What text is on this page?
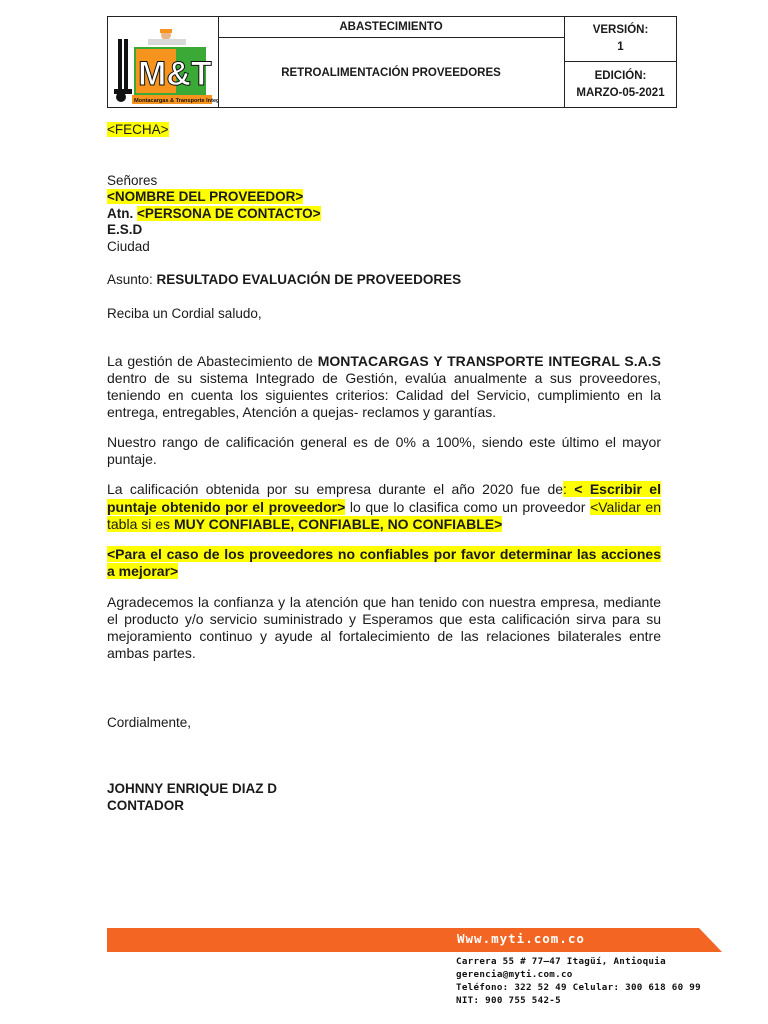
M&T
Montacargas & Transporte Integral
ABASTECIMIENTO
RETROALIMENTACIÓN PROVEEDORES
VERSIÓN:
1
EDICIÓN:
MARZO-05-2021

<FECHA>

Señores

<NOMBRE DEL PROVEEDOR>

Atn. <PERSONA DE CONTACTO>

E.S.D

Ciudad

Asunto: RESULTADO EVALUACIÓN DE PROVEEDORES

Reciba un Cordial saludo,

La gestión de Abastecimiento de MONTACARGAS Y TRANSPORTE INTEGRAL S.A.S dentro de su sistema Integrado de Gestión, evalúa anualmente a sus proveedores, teniendo en cuenta los siguientes criterios: Calidad del Servicio, cumplimiento en la entrega, entregables, Atención a quejas- reclamos y garantías.

Nuestro rango de calificación general es de 0% a 100%, siendo este último el mayor puntaje.

La calificación obtenida por su empresa durante el año 2020 fue de: < Escribir el puntaje obtenido por el proveedor> lo que lo clasifica como un proveedor <Validar en tabla si es MUY CONFIABLE, CONFIABLE, NO CONFIABLE>

<Para el caso de los proveedores no confiables por favor determinar las acciones a mejorar>

Agradecemos la confianza y la atención que han tenido con nuestra empresa, mediante el producto y/o servicio suministrado y Esperamos que esta calificación sirva para su mejoramiento continuo y ayude al fortalecimiento de las relaciones bilaterales entre ambas partes.

Cordialmente,

JOHNNY ENRIQUE DIAZ D

CONTADOR

Www.myti.com.co
Carrera 55 # 77—47 Itagüí, Antioquia
gerencia@myti.com.co
Teléfono: 322 52 49 Celular: 300 618 60 99
NIT: 900 755 542-5
